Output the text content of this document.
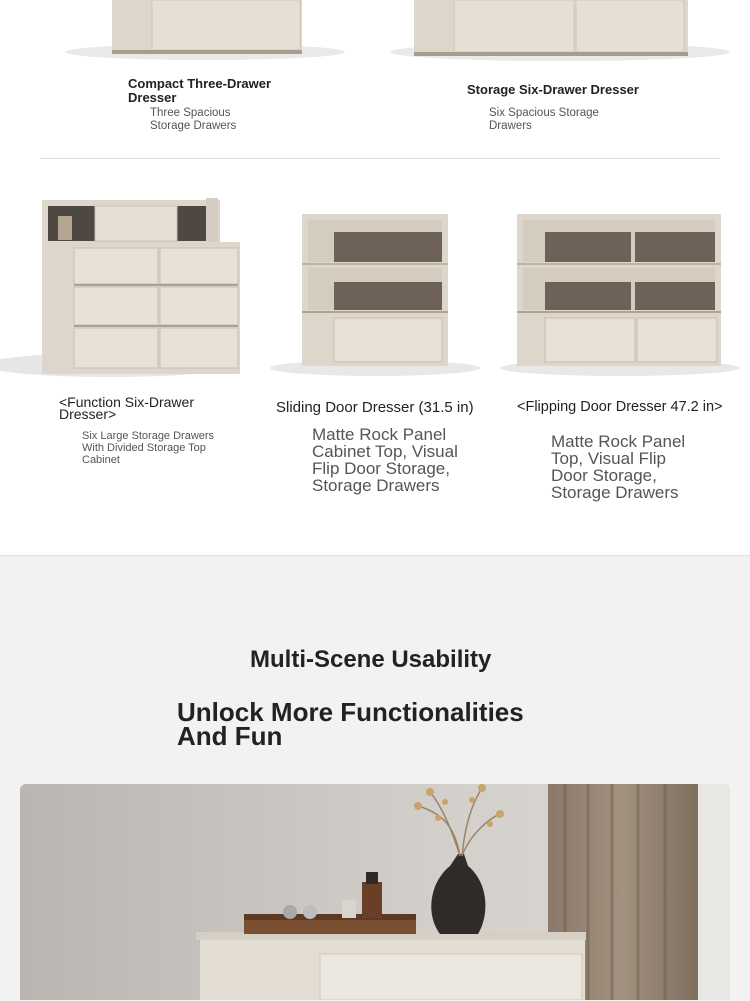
Compact Three-Drawer Dresser
Three Spacious Storage Drawers
Storage Six-Drawer Dresser
Six Spacious Storage Drawers
<Function Six-Drawer Dresser>
Six Large Storage Drawers With Divided Storage Top Cabinet
Sliding Door Dresser (31.5 in)
Matte Rock Panel Cabinet Top, Visual Flip Door Storage, Storage Drawers
<Flipping Door Dresser 47.2 in>
Matte Rock Panel Top, Visual Flip Door Storage, Storage Drawers
Multi-Scene Usability
Unlock More Functionalities And Fun
